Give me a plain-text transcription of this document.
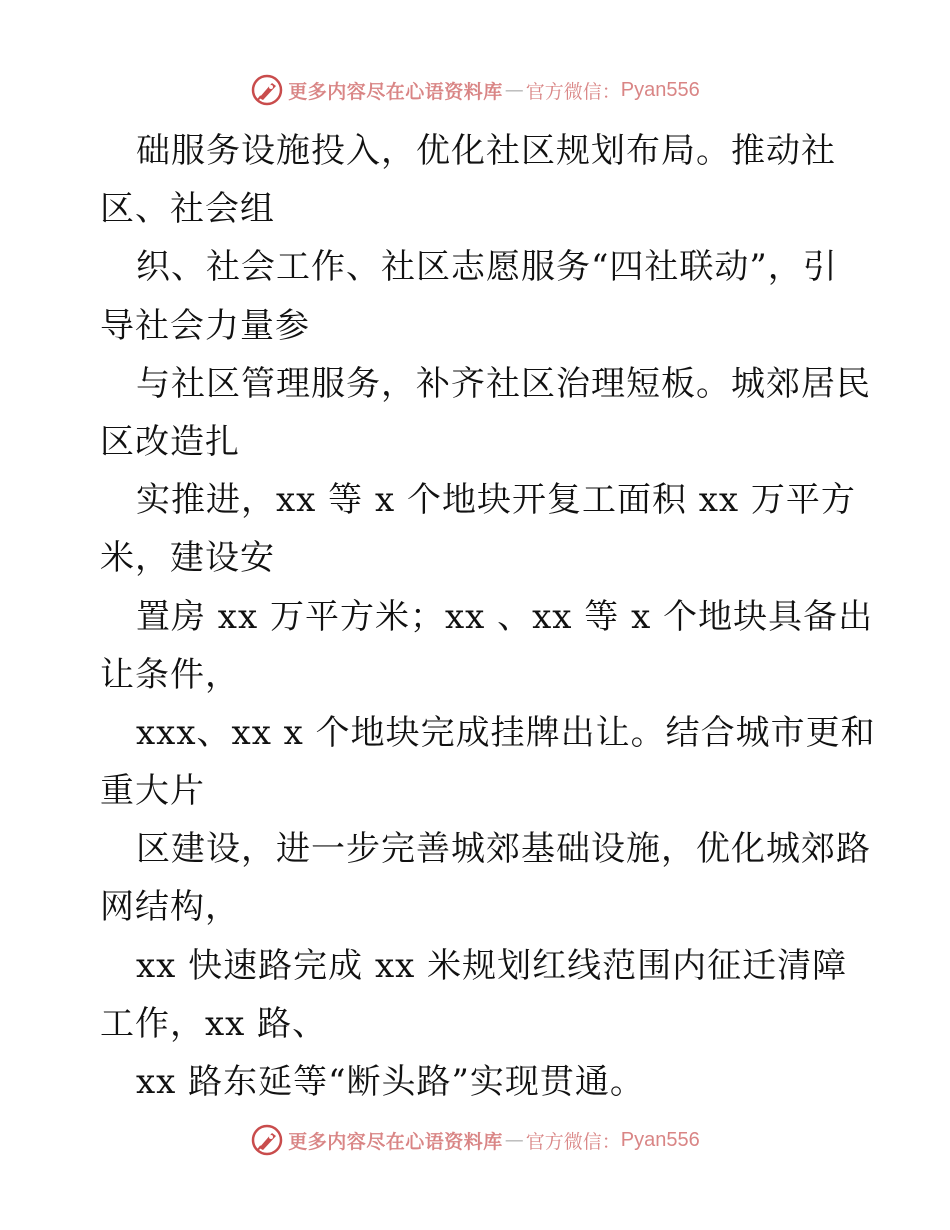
更多内容尽在心语资料库 — 官方微信： Pyan556
础服务设施投入，优化社区规划布局。推动社
区、社会组
织、社会工作、社区志愿服务“四社联动”，引
导社会力量参
与社区管理服务，补齐社区治理短板。城郊居民
区改造扎
实推进，xx 等 x 个地块开复工面积 xx 万平方
米，建设安
置房 xx 万平方米；xx 、xx 等 x 个地块具备出
让条件，
xxx、xx x 个地块完成挂牌出让。结合城市更和
重大片
区建设，进一步完善城郊基础设施，优化城郊路
网结构，
xx 快速路完成 xx 米规划红线范围内征迁清障
工作，xx 路、
xx 路东延等“断头路”实现贯通。
更多内容尽在心语资料库 — 官方微信： Pyan556
